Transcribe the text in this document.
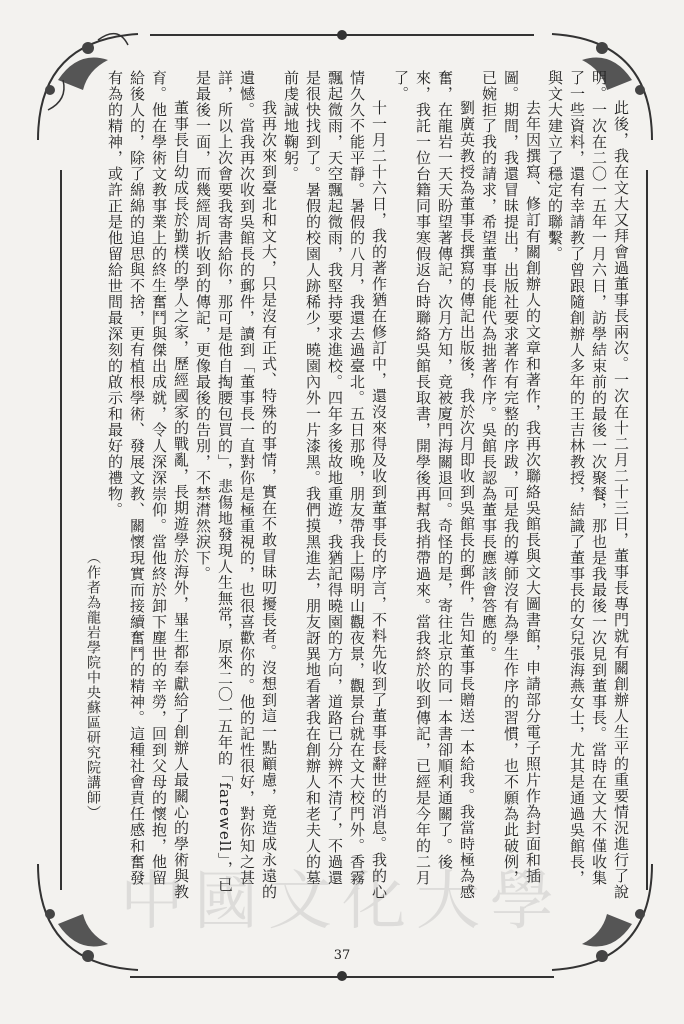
此後，我在文大又拜會過董事長兩次。一次在十二月二十三日，董事長專門就有關創辦人生平的重要情況進行了說明。一次在二〇一五年一月六日，訪學結束前的最後一次聚餐，那也是我最後一次見到董事長。當時在文大不僅收集了一些資料，還有幸請教了曾跟隨創辦人多年的王吉林教授，結識了董事長的女兒張海燕女士，尤其是通過吳館長，與文大建立了穩定的聯繫。

去年因撰寫、修訂有關創辦人的文章和著作，我再次聯絡吳館長與文大圖書館，申請部分電子照片作為封面和插圖。期間，我還冒昧提出，出版社要求著作有完整的序跋，可是我的導師沒有為學生作序的習慣，也不願為此破例，已婉拒了我的請求，希望董事長能代為拙著作序。吳館長認為董事長應該會答應的。

劉廣英教授為董事長撰寫的傳記出版後，我於次月即收到吳館長的郵件，告知董事長贈送一本給我。我當時極為感奮，在龍岩一天天盼望著傳記，次月方知，竟被廈門海關退回。奇怪的是，寄往北京的同一本書卻順利通關了。後來，我託一位台籍同事寒假返台時聯絡吳館長取書，開學後再幫我捎帶過來。當我終於收到傳記，已經是今年的二月了。

十一月二十六日，我的著作猶在修訂中，還沒來得及收到董事長的序言，不料先收到了董事長辭世的消息。我的心情久久不能平靜。暑假的八月，我還去過臺北。五日那晚，朋友帶我上陽明山觀夜景，觀景台就在文大校門外。香霧飄起微雨，天空飄起微雨，我堅持要求進校。四年多後故地重遊，我猶記得曉園的方向，道路已分辨不清了，不過還是很快找到了。暑假的校園人跡稀少，曉園內外一片漆黑。我們摸黑進去，朋友訝異地看著我在創辦人和老夫人的墓前虔誠地鞠躬。

我再次來到臺北和文大，只是沒有正式、特殊的事情，實在不敢冒昧叨擾長者。沒想到這一點顧慮，竟造成永遠的遺憾。當我再次收到吳館長的郵件，讀到「董事長一直對你是極重視的，也很喜歡你的。他的記性很好，對你知之甚詳，所以上次會要我寄書給你，那可是他自掏腰包買的」，悲傷地發現人生無常，原來二〇一五年的「farewell」，已是最後一面，而幾經周折收到的傳記，更像最後的告別，不禁潸然淚下。

董事長自幼成長於勤樸的學人之家，歷經國家的戰亂，長期遊學於海外，畢生都奉獻給了創辦人最關心的學術與教育。他在學術文教事業上的終生奮鬥與傑出成就，令人深深崇仰。當他終於卸下塵世的辛勞，回到父母的懷抱，他留給後人的，除了綿綿的追思與不捨，更有植根學術、發展文教、關懷現實而接續奮鬥的精神。這種社會責任感和奮發有為的精神，或許正是他留給世間最深刻的啟示和最好的禮物。

（作者為龍岩學院中央蘇區研究院講師）

中國文化大學
37
